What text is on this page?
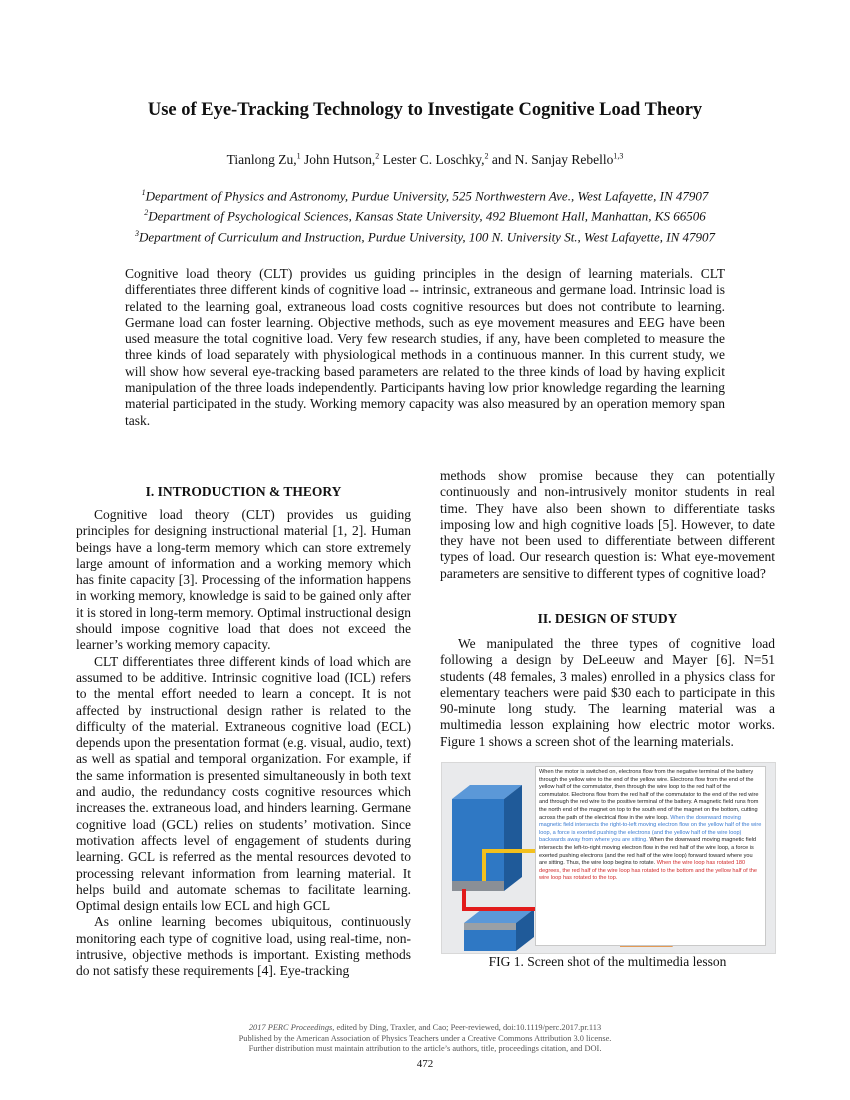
Use of Eye-Tracking Technology to Investigate Cognitive Load Theory
Tianlong Zu,$^1$ John Hutson,$^2$ Lester C. Loschky,$^2$ and N. Sanjay Rebello$^{1,3}$
$^1$Department of Physics and Astronomy, Purdue University, 525 Northwestern Ave., West Lafayette, IN 47907
$^2$Department of Psychological Sciences, Kansas State University, 492 Bluemont Hall, Manhattan, KS 66506
$^3$Department of Curriculum and Instruction, Purdue University, 100 N. University St., West Lafayette, IN 47907
Cognitive load theory (CLT) provides us guiding principles in the design of learning materials. CLT differentiates three different kinds of cognitive load -- intrinsic, extraneous and germane load. Intrinsic load is related to the learning goal, extraneous load costs cognitive resources but does not contribute to learning. Germane load can foster learning. Objective methods, such as eye movement measures and EEG have been used measure the total cognitive load. Very few research studies, if any, have been completed to measure the three kinds of load separately with physiological methods in a continuous manner. In this current study, we will show how several eye-tracking based parameters are related to the three kinds of load by having explicit manipulation of the three loads independently. Participants having low prior knowledge regarding the learning material participated in the study. Working memory capacity was also measured by an operation memory span task.
I. INTRODUCTION & THEORY

Cognitive load theory (CLT) provides us guiding principles for designing instructional material [1, 2]. Human beings have a long-term memory which can store extremely large amount of information and a working memory which has finite capacity [3]. Processing of the information happens in working memory, knowledge is said to be gained only after it is stored in long-term memory. Optimal instructional design should impose cognitive load that does not exceed the learner’s working memory capacity.

CLT differentiates three different kinds of load which are assumed to be additive. Intrinsic cognitive load (ICL) refers to the mental effort needed to learn a concept. It is not affected by instructional design rather is related to the difficulty of the material. Extraneous cognitive load (ECL) depends upon the presentation format (e.g. visual, audio, text) as well as spatial and temporal organization. For example, if the same information is presented simultaneously in both text and audio, the redundancy costs cognitive resources which increases the. extraneous load, and hinders learning. Germane cognitive load (GCL) relies on students’ motivation. Since motivation affects level of engagement of students during learning. GCL is referred as the mental resources devoted to processing relevant information from learning material. It helps build and automate schemas to facilitate learning. Optimal design entails low ECL and high GCL

As online learning becomes ubiquitous, continuously monitoring each type of cognitive load, using real-time, non-intrusive, objective methods is important. Existing methods do not satisfy these requirements [4]. Eye-tracking

methods show promise because they can potentially continuously and non-intrusively monitor students in real time. They have also been shown to differentiate tasks imposing low and high cognitive loads [5]. However, to date they have not been used to differentiate between different types of load. Our research question is: What eye-movement parameters are sensitive to different types of cognitive load?

II. DESIGN OF STUDY

We manipulated the three types of cognitive load following a design by DeLeeuw and Mayer [6]. N=51 students (48 females, 3 males) enrolled in a physics class for elementary teachers were paid $30 each to participate in this 90-minute long study. The learning material was a multimedia lesson explaining how electric motor works. Figure 1 shows a screen shot of the learning materials.

When the motor is switched on, electrons flow from the negative terminal of the battery through the yellow wire to the end of the yellow wire. Electrons flow from the end of the yellow half of the commutator, then through the wire loop to the red half of the commutator. Electrons flow from the red half of the commutator to the end of the red wire and through the red wire to the positive terminal of the battery. A magnetic field runs from the north end of the magnet on top to the south end of the magnet on the bottom, cutting across the path of the electrical flow in the wire loop. When the downward moving magnetic field intersects the right-to-left moving electron flow on the yellow half of the wire loop, a force is exerted pushing the electrons (and the yellow half of the wire loop) backwards away from where you are sitting. When the downward moving magnetic field intersects the left-to-right moving electron flow in the red half of the wire loop, a force is exerted pushing electrons (and the red half of the wire loop) forward toward where you are sitting. Thus, the wire loop begins to rotate. When the wire loop has rotated 180 degrees, the red half of the wire loop has rotated to the bottom and the yellow half of the wire loop has rotated to the top.
FIG 1. Screen shot of the multimedia lesson
2017 PERC Proceedings, edited by Ding, Traxler, and Cao; Peer-reviewed, doi:10.1119/perc.2017.pr.113
Published by the American Association of Physics Teachers under a Creative Commons Attribution 3.0 license.
Further distribution must maintain attribution to the article’s authors, title, proceedings citation, and DOI.
472
